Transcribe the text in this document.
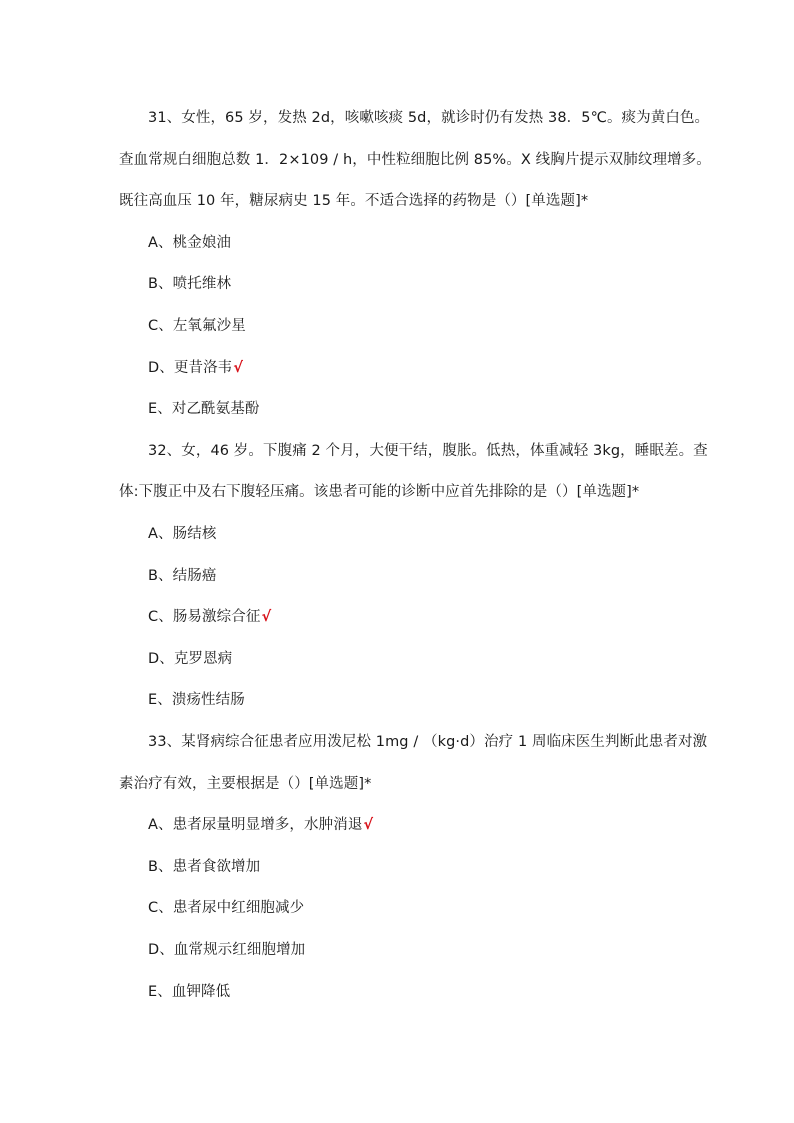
31、女性，65 岁，发热 2d，咳嗽咳痰 5d，就诊时仍有发热 38．5℃。痰为黄白色。
查血常规白细胞总数 1．2×109 / h，中性粒细胞比例 85%。X 线胸片提示双肺纹理增多。
既往高血压 10 年，糖尿病史 15 年。不适合选择的药物是（）[单选题]*
A、桃金娘油
B、喷托维林
C、左氧氟沙星
D、更昔洛韦√
E、对乙酰氨基酚
32、女，46 岁。下腹痛 2 个月，大便干结，腹胀。低热，体重减轻 3kg，睡眠差。查
体:下腹正中及右下腹轻压痛。该患者可能的诊断中应首先排除的是（）[单选题]*
A、肠结核
B、结肠癌
C、肠易激综合征√
D、克罗恩病
E、溃疡性结肠
33、某肾病综合征患者应用泼尼松 1mg / （kg·d）治疗 1 周临床医生判断此患者对激
素治疗有效，主要根据是（）[单选题]*
A、患者尿量明显增多，水肿消退√
B、患者食欲增加
C、患者尿中红细胞减少
D、血常规示红细胞增加
E、血钾降低
